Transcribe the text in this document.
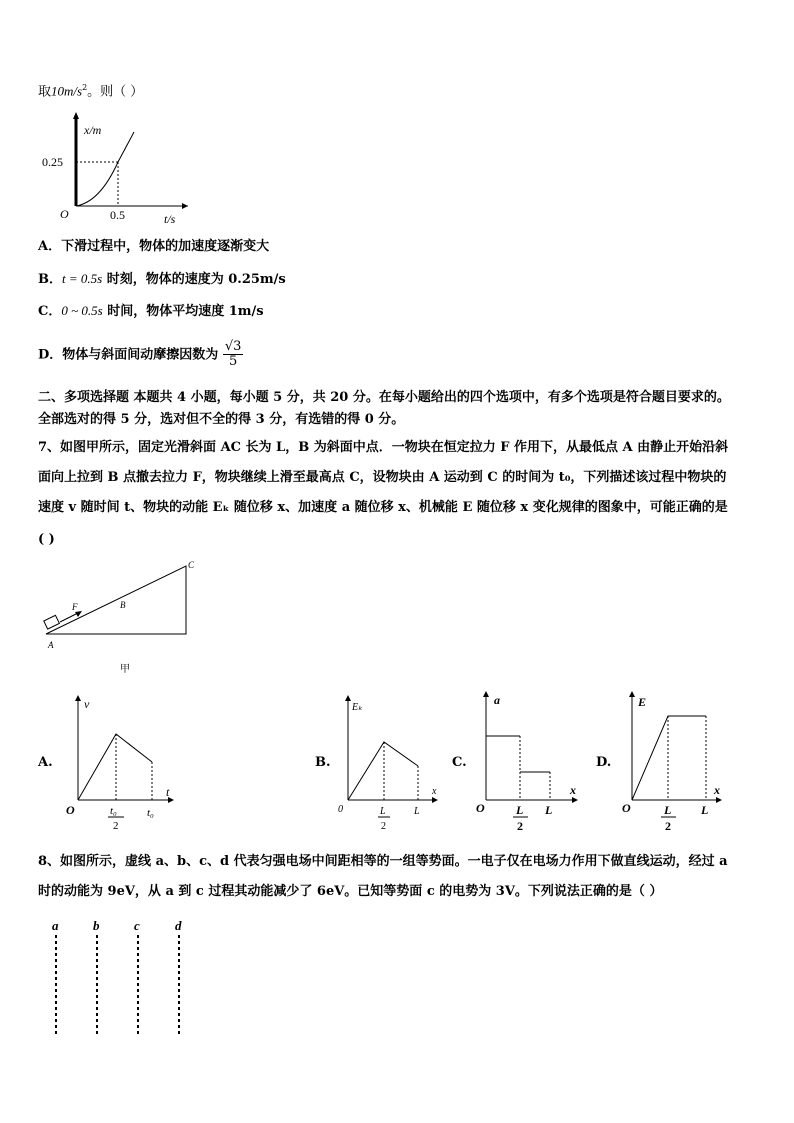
取$10m/s^2$。则（ ）
x/m
0.25
O	0.5	t/s
A．下滑过程中，物体的加速度逐渐变大
B．t = 0.5s 时刻，物体的速度为 0.25m/s
C．0 ~ 0.5s 时间，物体平均速度 1m/s
D．物体与斜面间动摩擦因数为 $\frac{√3}{5}$
二、多项选择题 本题共 4 小题，每小题 5 分，共 20 分。在每小题给出的四个选项中，有多个选项是符合题目要求的。
全部选对的得 5 分，选对但不全的得 3 分，有选错的得 0 分。
7、如图甲所示，固定光滑斜面 AC 长为 L，B 为斜面中点．一物块在恒定拉力 F 作用下，从最低点 A 由静止开始沿斜
面向上拉到 B 点撤去拉力 F，物块继续上滑至最高点 C，设物块由 A 运动到 C 的时间为 t₀，下列描述该过程中物块的
速度 v 随时间 t、物块的动能 Eₖ 随位移 x、加速度 a 随位移 x、机械能 E 随位移 x 变化规律的图象中，可能正确的是
( )
F	B
C
A
甲
A.	B.	C.	D.
v
t
O	t₀
2
t₀
Eₖ
x
0	L
2
L
a
x
O	L
2
L
E
x
O	L
2
L
8、如图所示，虚线 a、b、c、d 代表匀强电场中间距相等的一组等势面。一电子仅在电场力作用下做直线运动，经过 a
时的动能为 9eV，从 a 到 c 过程其动能减少了 6eV。已知等势面 c 的电势为 3V。下列说法正确的是（ ）
a	b	c	d
